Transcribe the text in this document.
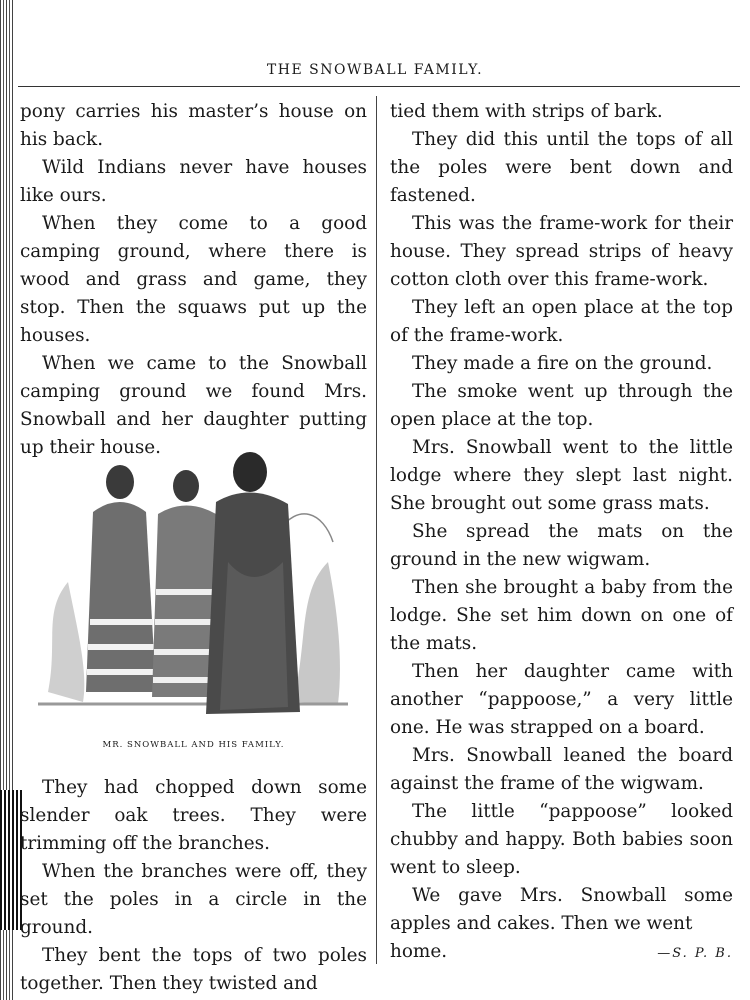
THE SNOWBALL FAMILY.

pony carries his master’s house on his back.

Wild Indians never have houses like ours.

When they come to a good camping ground, where there is wood and grass and game, they stop. Then the squaws put up the houses.

When we came to the Snowball camping ground we found Mrs. Snowball and her daughter putting up their house.

MR. SNOWBALL AND HIS FAMILY.

They had chopped down some slender oak trees. They were trimming off the branches.

When the branches were off, they set the poles in a circle in the ground.

They bent the tops of two poles together. Then they twisted and

tied them with strips of bark.

They did this until the tops of all the poles were bent down and fastened.

This was the frame-work for their house. They spread strips of heavy cotton cloth over this frame-work.

They left an open place at the top of the frame-work.

They made a fire on the ground.

The smoke went up through the open place at the top.

Mrs. Snowball went to the little lodge where they slept last night. She brought out some grass mats.

She spread the mats on the ground in the new wigwam.

Then she brought a baby from the lodge. She set him down on one of the mats.

Then her daughter came with another “pappoose,” a very little one. He was strapped on a board.

Mrs. Snowball leaned the board against the frame of the wigwam.

The little “pappoose” looked chubby and happy. Both babies soon went to sleep.

We gave Mrs. Snowball some apples and cakes. Then we went

home.	—S. P. B.
